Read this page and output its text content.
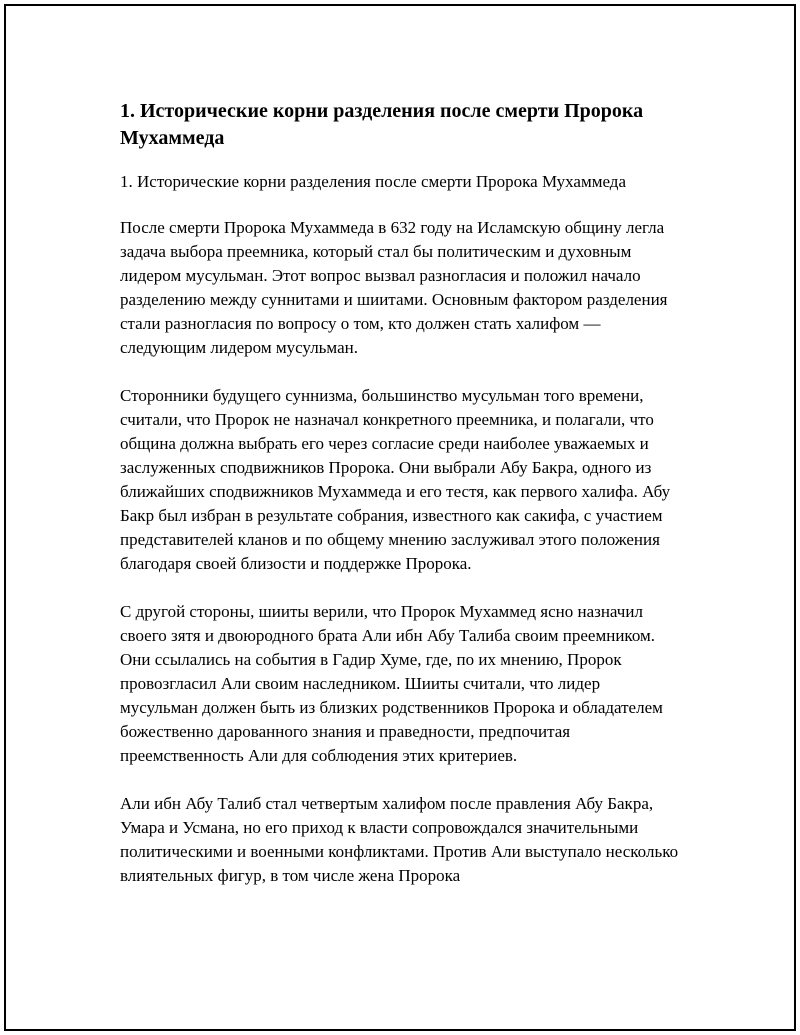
1. Исторические корни разделения после смерти Пророка Мухаммеда
1. Исторические корни разделения после смерти Пророка Мухаммеда

После смерти Пророка Мухаммеда в 632 году на Исламскую общину легла задача выбора преемника, который стал бы политическим и духовным лидером мусульман. Этот вопрос вызвал разногласия и положил начало разделению между суннитами и шиитами. Основным фактором разделения стали разногласия по вопросу о том, кто должен стать халифом — следующим лидером мусульман.

Сторонники будущего суннизма, большинство мусульман того времени, считали, что Пророк не назначал конкретного преемника, и полагали, что община должна выбрать его через согласие среди наиболее уважаемых и заслуженных сподвижников Пророка. Они выбрали Абу Бакра, одного из ближайших сподвижников Мухаммеда и его тестя, как первого халифа. Абу Бакр был избран в результате собрания, известного как сакифа, с участием представителей кланов и по общему мнению заслуживал этого положения благодаря своей близости и поддержке Пророка.

С другой стороны, шииты верили, что Пророк Мухаммед ясно назначил своего зятя и двоюродного брата Али ибн Абу Талиба своим преемником. Они ссылались на события в Гадир Хуме, где, по их мнению, Пророк провозгласил Али своим наследником. Шииты считали, что лидер мусульман должен быть из близких родственников Пророка и обладателем божественно дарованного знания и праведности, предпочитая преемственность Али для соблюдения этих критериев.

Али ибн Абу Талиб стал четвертым халифом после правления Абу Бакра, Умара и Усмана, но его приход к власти сопровождался значительными политическими и военными конфликтами. Против Али выступало несколько влиятельных фигур, в том числе жена Пророка
